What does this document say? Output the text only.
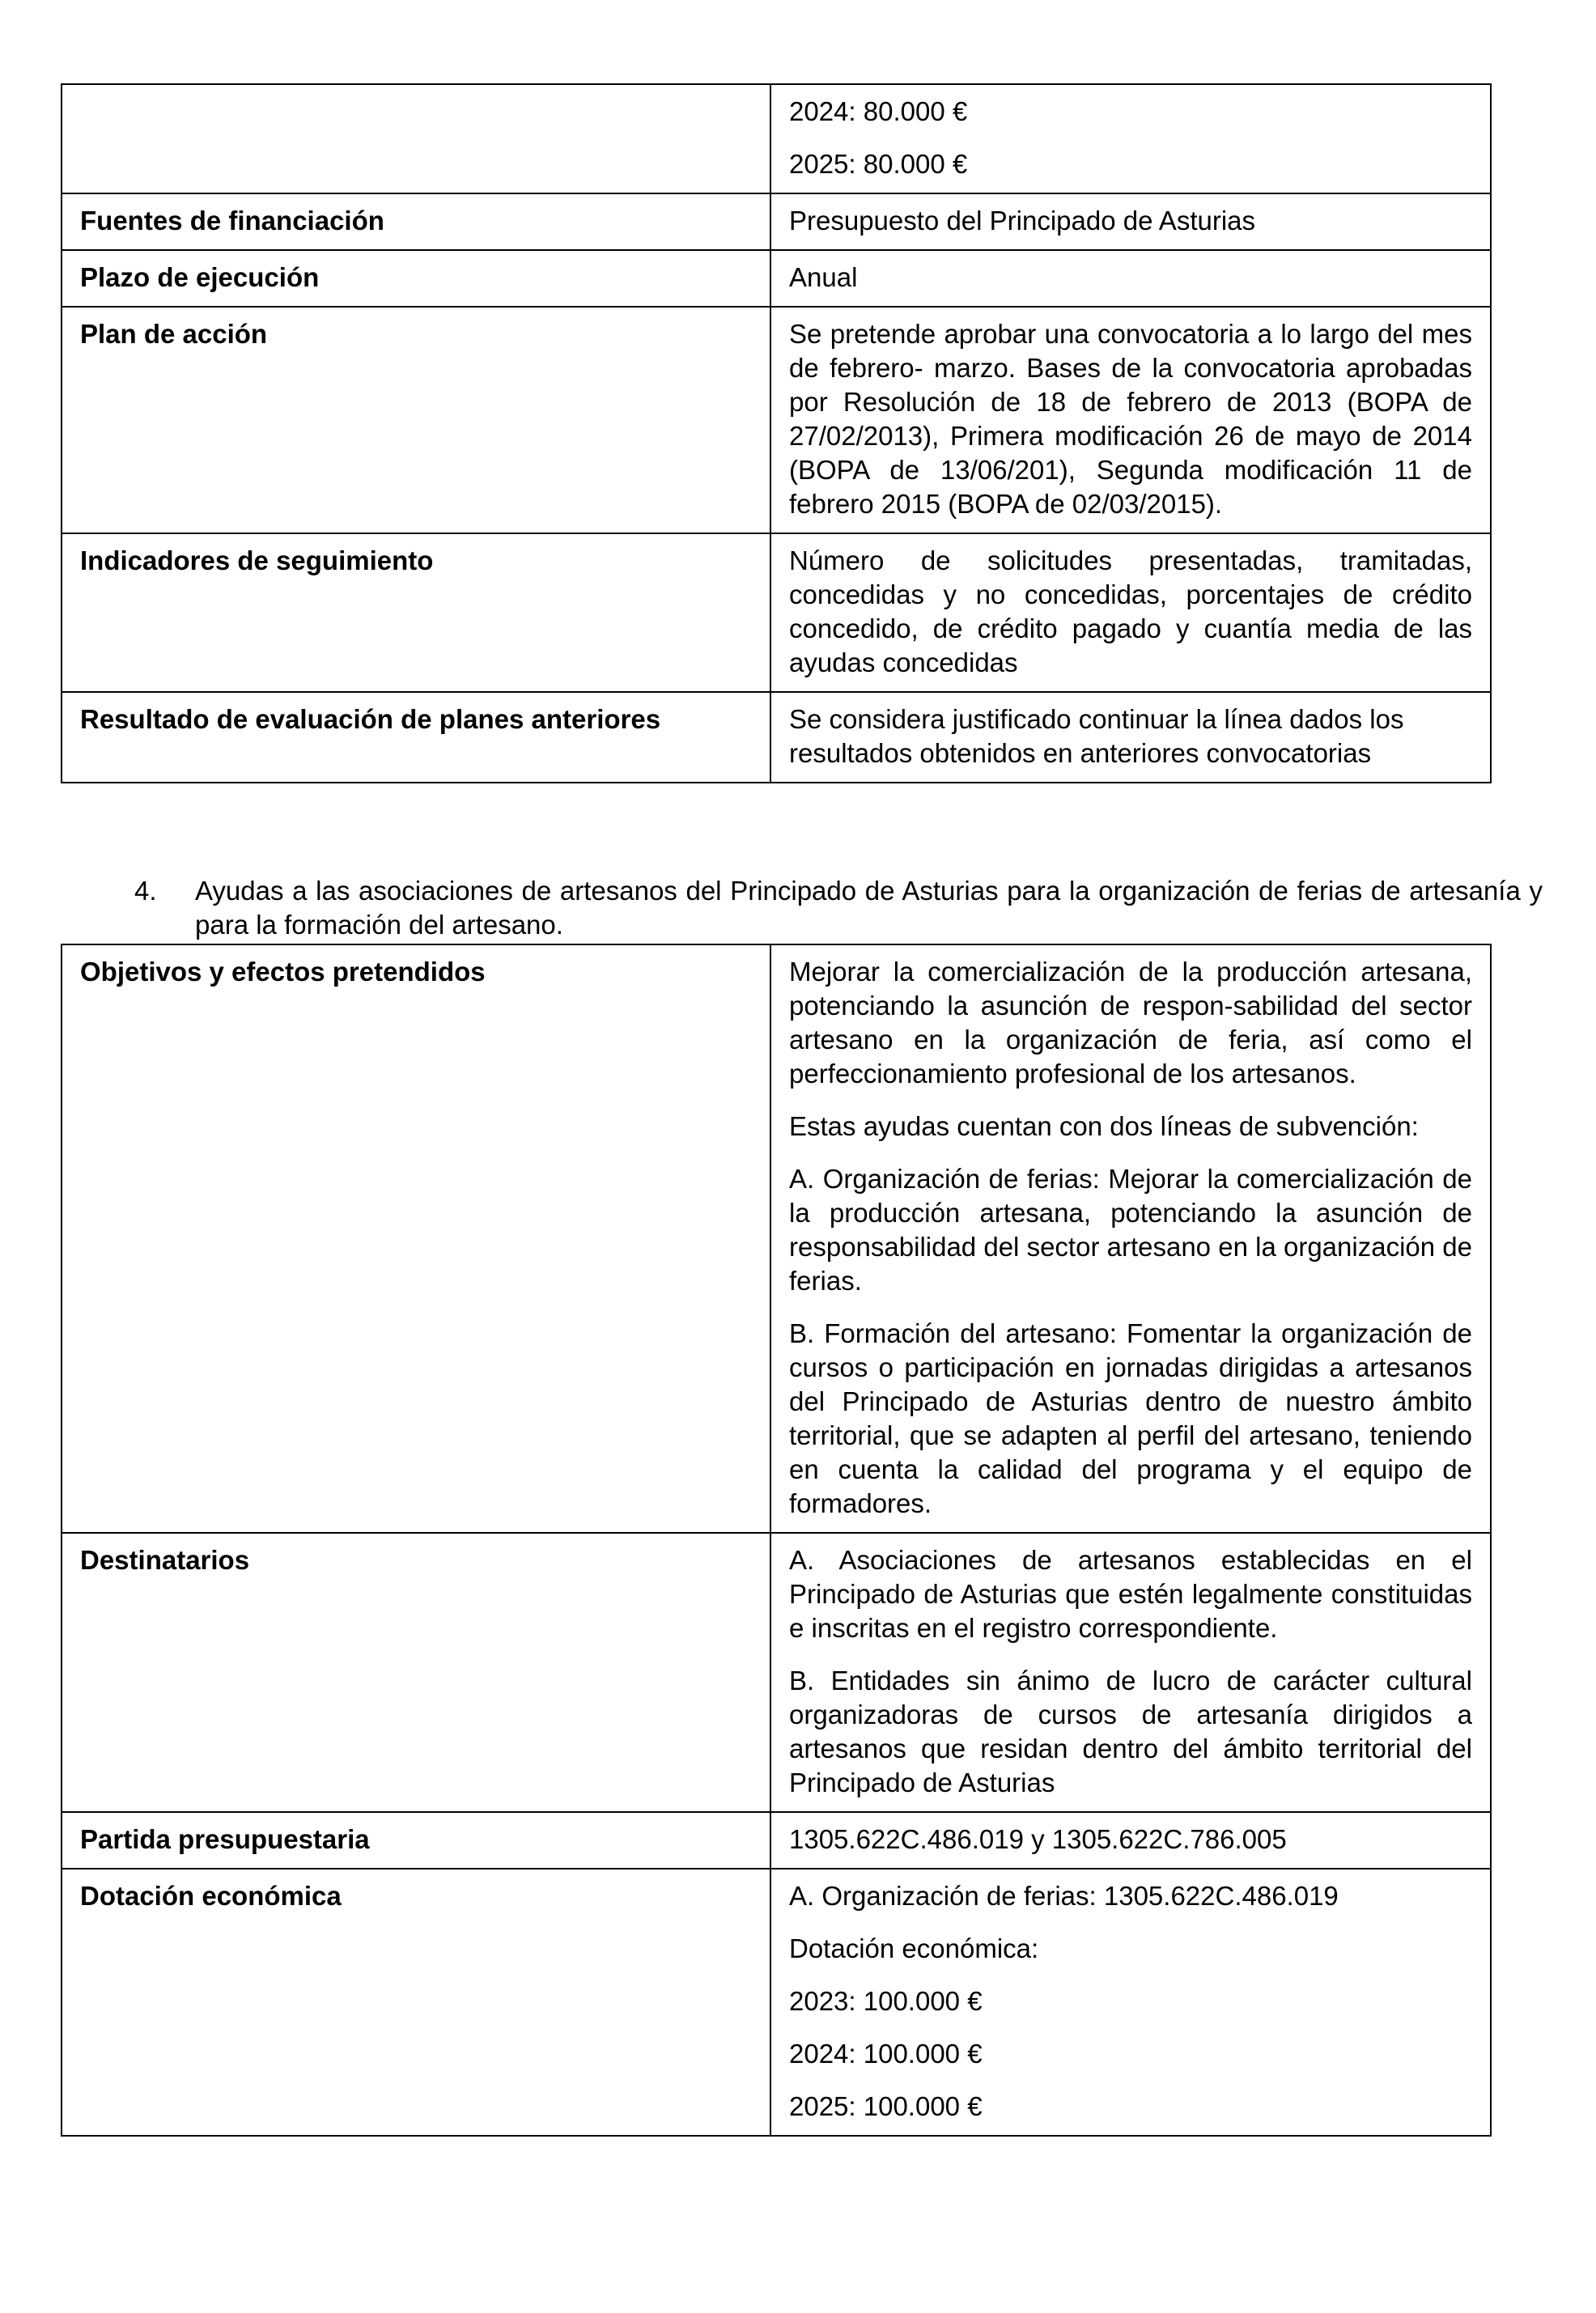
	2024: 80.000 €

2025: 80.000 €

Fuentes de financiación	Presupuesto del Principado de Asturias

Plazo de ejecución	Anual

Plan de acción	Se pretende aprobar una convocatoria a lo largo del mes de febrero- marzo. Bases de la convocatoria aprobadas por Resolución de 18 de febrero de 2013 (BOPA de 27/02/2013), Primera modificación 26 de mayo de 2014 (BOPA de 13/06/201), Segunda modificación 11 de febrero 2015 (BOPA de 02/03/2015).

Indicadores de seguimiento	Número de solicitudes presentadas, tramitadas, concedidas y no concedidas, porcentajes de crédito concedido, de crédito pagado y cuantía media de las ayudas concedidas

Resultado de evaluación de planes anteriores	Se considera justificado continuar la línea dados los resultados obtenidos en anteriores convocatorias

4. Ayudas a las asociaciones de artesanos del Principado de Asturias para la organización de ferias de artesanía y para la formación del artesano.
Objetivos y efectos pretendidos	Mejorar la comercialización de la producción artesana, potenciando la asunción de respon-sabilidad del sector artesano en la organización de feria, así como el perfeccionamiento profesional de los artesanos.

Estas ayudas cuentan con dos líneas de subvención:

A. Organización de ferias: Mejorar la comercialización de la producción artesana, potenciando la asunción de responsabilidad del sector artesano en la organización de ferias.

B. Formación del artesano: Fomentar la organización de cursos o participación en jornadas dirigidas a artesanos del Principado de Asturias dentro de nuestro ámbito territorial, que se adapten al perfil del artesano, teniendo en cuenta la calidad del programa y el equipo de formadores.

Destinatarios	A. Asociaciones de artesanos establecidas en el Principado de Asturias que estén legalmente constituidas e inscritas en el registro correspondiente.

B. Entidades sin ánimo de lucro de carácter cultural organizadoras de cursos de artesanía dirigidos a artesanos que residan dentro del ámbito territorial del Principado de Asturias

Partida presupuestaria	1305.622C.486.019 y 1305.622C.786.005

Dotación económica	A. Organización de ferias: 1305.622C.486.019

Dotación económica:

2023: 100.000 €

2024: 100.000 €

2025: 100.000 €
